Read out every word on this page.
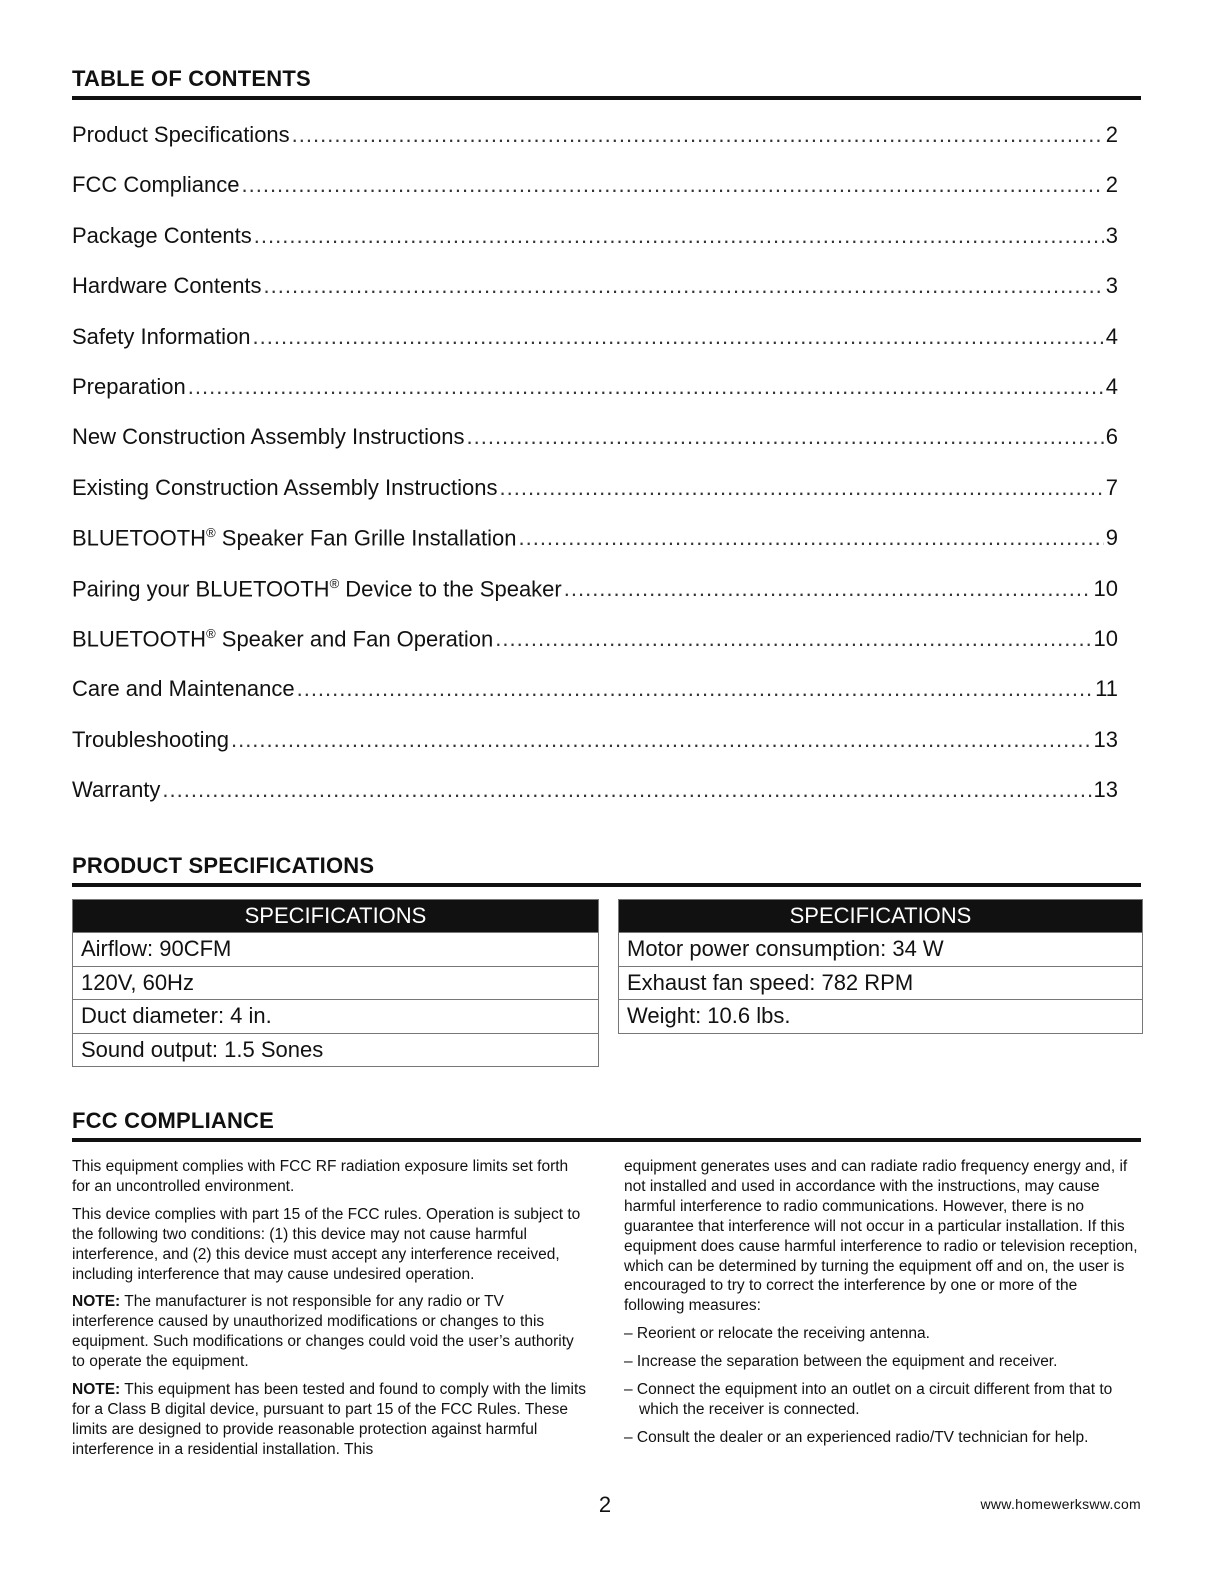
TABLE OF CONTENTS
Product Specifications .....	2
FCC Compliance .....	2
Package Contents .....	3
Hardware Contents .....	3
Safety Information .....	4
Preparation .....	4
New Construction Assembly Instructions .....	6
Existing Construction Assembly Instructions .....	7
BLUETOOTH® Speaker Fan Grille Installation .....	9
Pairing your BLUETOOTH® Device to the Speaker .....	10
BLUETOOTH® Speaker and Fan Operation .....	10
Care and Maintenance .....	11
Troubleshooting .....	13
Warranty .....	13
PRODUCT SPECIFICATIONS
SPECIFICATIONS
Airflow: 90CFM
120V, 60Hz
Duct diameter: 4 in.
Sound output: 1.5 Sones
SPECIFICATIONS
Motor power consumption: 34 W
Exhaust fan speed: 782 RPM
Weight: 10.6 lbs.
FCC COMPLIANCE

This equipment complies with FCC RF radiation exposure limits set forth for an uncontrolled environment.

This device complies with part 15 of the FCC rules. Operation is subject to the following two conditions: (1) this device may not cause harmful interference, and (2) this device must accept any interference received, including interference that may cause undesired operation.

NOTE: The manufacturer is not responsible for any radio or TV interference caused by unauthorized modifications or changes to this equipment. Such modifications or changes could void the user’s authority to operate the equipment.

NOTE: This equipment has been tested and found to comply with the limits for a Class B digital device, pursuant to part 15 of the FCC Rules. These limits are designed to provide reasonable protection against harmful interference in a residential installation. This

equipment generates uses and can radiate radio frequency energy and, if not installed and used in accordance with the instructions, may cause harmful interference to radio communications. However, there is no guarantee that interference will not occur in a particular installation. If this equipment does cause harmful interference to radio or television reception, which can be determined by turning the equipment off and on, the user is encouraged to try to correct the interference by one or more of the following measures:

– Reorient or relocate the receiving antenna.

– Increase the separation between the equipment and receiver.

– Connect the equipment into an outlet on a circuit different from that to which the receiver is connected.

– Consult the dealer or an experienced radio/TV technician for help.

2	www.homewerksww.com
